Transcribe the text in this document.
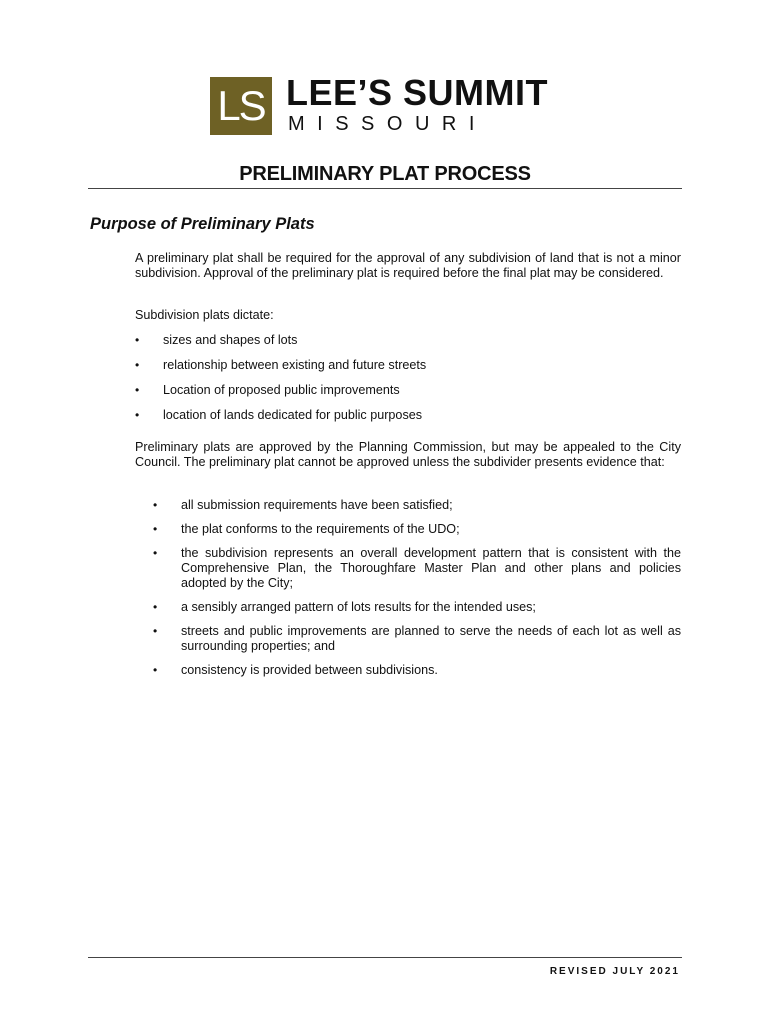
LS LEE’S SUMMIT
MISSOURI
PRELIMINARY PLAT PROCESS
Purpose of Preliminary Plats
A preliminary plat shall be required for the approval of any subdivision of land that is not a minor subdivision. Approval of the preliminary plat is required before the final plat may be considered.
Subdivision plats dictate:
• sizes and shapes of lots
• relationship between existing and future streets
• Location of proposed public improvements
• location of lands dedicated for public purposes
Preliminary plats are approved by the Planning Commission, but may be appealed to the City Council. The preliminary plat cannot be approved unless the subdivider presents evidence that:
• all submission requirements have been satisfied;
• the plat conforms to the requirements of the UDO;
• the subdivision represents an overall development pattern that is consistent with the Comprehensive Plan, the Thoroughfare Master Plan and other plans and policies adopted by the City;
• a sensibly arranged pattern of lots results for the intended uses;
• streets and public improvements are planned to serve the needs of each lot as well as surrounding properties; and
• consistency is provided between subdivisions.
REVISED JULY 2021
